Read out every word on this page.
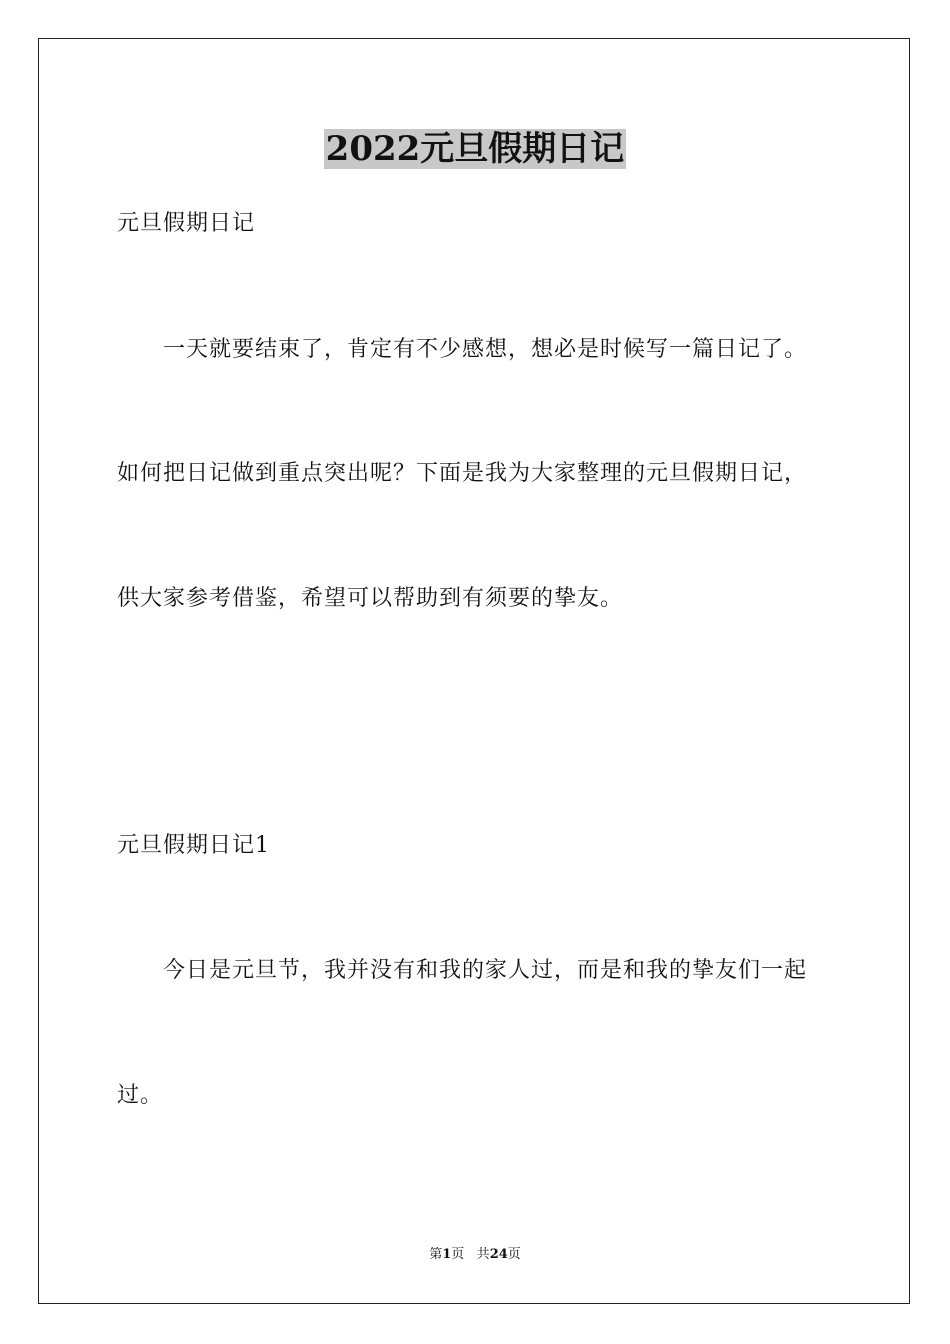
2022元旦假期日记
元旦假期日记
一天就要结束了，肯定有不少感想，想必是时候写一篇日记了。
如何把日记做到重点突出呢？下面是我为大家整理的元旦假期日记，
供大家参考借鉴，希望可以帮助到有须要的挚友。
元旦假期日记1
今日是元旦节，我并没有和我的家人过，而是和我的挚友们一起
过。
第1页 共24页
